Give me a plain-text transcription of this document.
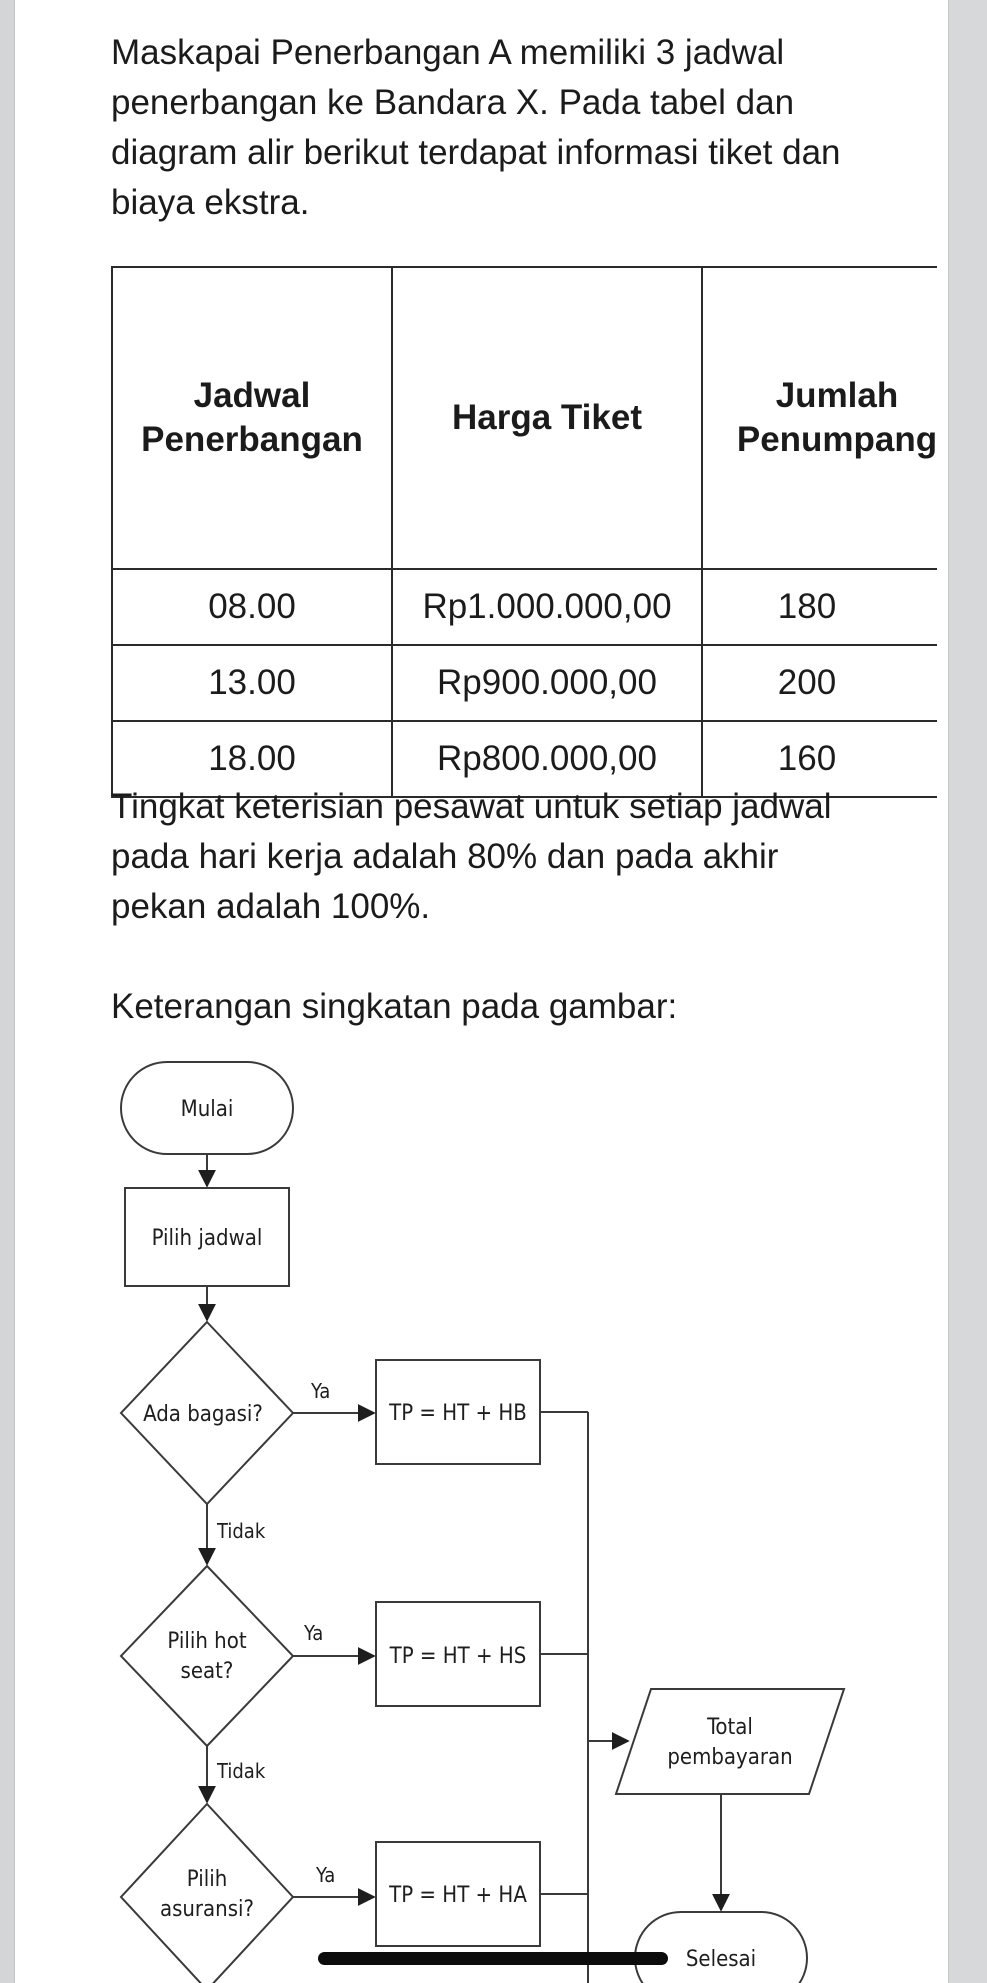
Maskapai Penerbangan A memiliki 3 jadwal penerbangan ke Bandara X. Pada tabel dan diagram alir berikut terdapat informasi tiket dan biaya ekstra.

Jadwal Penerbangan	Harga Tiket	Jumlah Penumpang
08.00	Rp1.000.000,00	180
13.00	Rp900.000,00	200
18.00	Rp800.000,00	160

Tingkat keterisian pesawat untuk setiap jadwal pada hari kerja adalah 80% dan pada akhir pekan adalah 100%.

Keterangan singkatan pada gambar:

Mulai
Pilih jadwal
Ada bagasi?
Pilih hot
seat?
Pilih
asuransi?
Ya
Ya
Ya
Tidak
Tidak
TP = HT + HB
TP = HT + HS
TP = HT + HA
Total
pembayaran
Selesai
